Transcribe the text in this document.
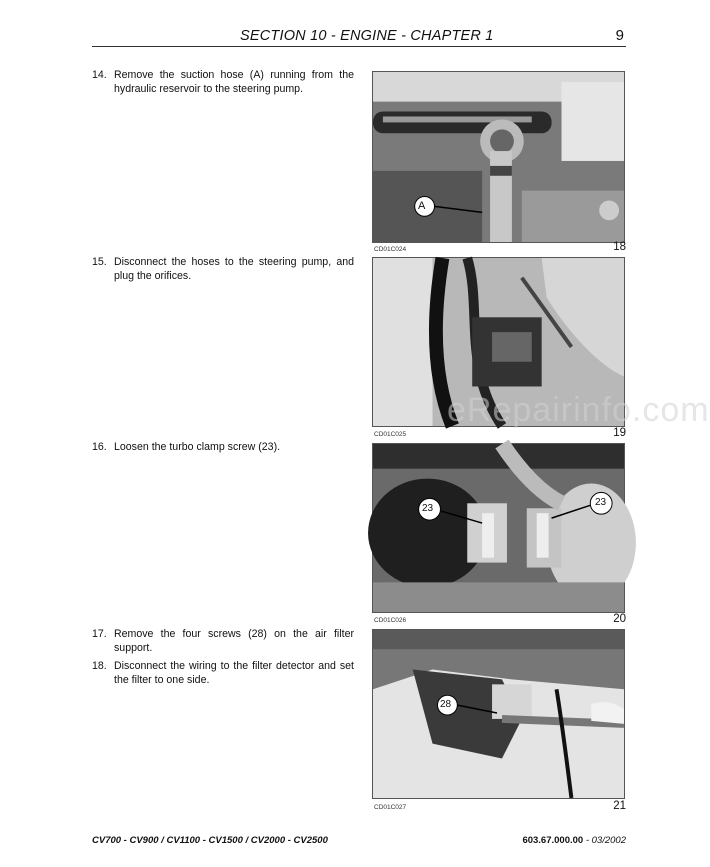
SECTION 10 - ENGINE - CHAPTER 1	9
14. Remove the suction hose (A) running from the hydraulic reservoir to the steering pump.
A
CD01C024	18
15. Disconnect the hoses to the steering pump, and plug the orifices.
CD01C025	19
eRepairinfo.com
16. Loosen the turbo clamp screw (23).
23
23
CD01C026	20
17. Remove the four screws (28) on the air filter support.
18. Disconnect the wiring to the filter detector and set the filter to one side.
28
CD01C027	21
CV700 - CV900 / CV1100 - CV1500 / CV2000 - CV2500	603.67.000.00 - 03/2002
